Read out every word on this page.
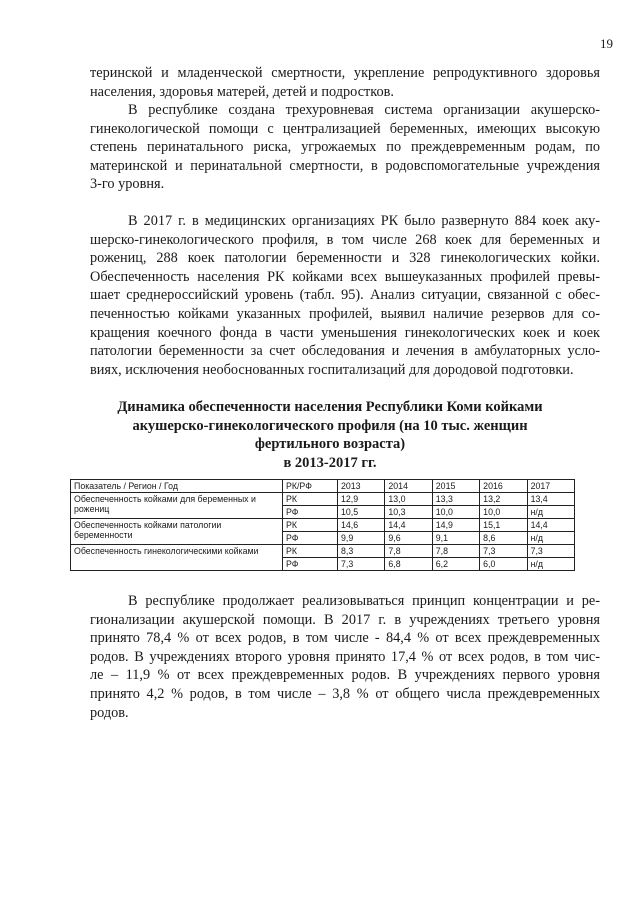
19

теринской и младенческой смертности, укрепление репродуктивного здоровья
населения, здоровья матерей, детей и подростков.

В республике создана трехуровневая система организации акушерско-
гинекологической помощи с централизацией беременных, имеющих высокую
степень перинатального риска, угрожаемых по преждевременным родам, по
материнской и перинатальной смертности, в родовспомогательные учреждения
3-го уровня.

В 2017 г. в медицинских организациях РК было развернуто 884 коек аку-
шерско-гинекологического профиля, в том числе 268 коек для беременных и
рожениц, 288 коек патологии беременности и 328 гинекологических койки.
Обеспеченность населения РК койками всех вышеуказанных профилей превы-
шает среднероссийский уровень (табл. 95). Анализ ситуации, связанной с обес-
печенностью койками указанных профилей, выявил наличие резервов для со-
кращения коечного фонда в части уменьшения гинекологических коек и коек
патологии беременности за счет обследования и лечения в амбулаторных усло-
виях, исключения необоснованных госпитализаций для дородовой подготовки.

Динамика обеспеченности населения Республики Коми койками
акушерско-гинекологического профиля (на 10 тыс. женщин
фертильного возраста)
в 2013-2017 гг.
Показатель / Регион / Год	РК/РФ	2013	2014	2015	2016	2017
Обеспеченность койками для беременных и рожениц	РК	12,9	13,0	13,3	13,2	13,4
	РФ	10,5	10,3	10,0	10,0	н/д
Обеспеченность койками патологии беременности	РК	14,6	14,4	14,9	15,1	14,4
	РФ	9,9	9,6	9,1	8,6	н/д
Обеспеченность гинекологическими койками	РК	8,3	7,8	7,8	7,3	7,3
	РФ	7,3	6,8	6,2	6,0	н/д

В республике продолжает реализовываться принцип концентрации и ре-
гионализации акушерской помощи. В 2017 г. в учреждениях третьего уровня
принято 78,4 % от всех родов, в том числе - 84,4 % от всех преждевременных
родов. В учреждениях второго уровня принято 17,4 % от всех родов, в том чис-
ле – 11,9 % от всех преждевременных родов. В учреждениях первого уровня
принято 4,2 % родов, в том числе – 3,8 % от общего числа преждевременных
родов.
